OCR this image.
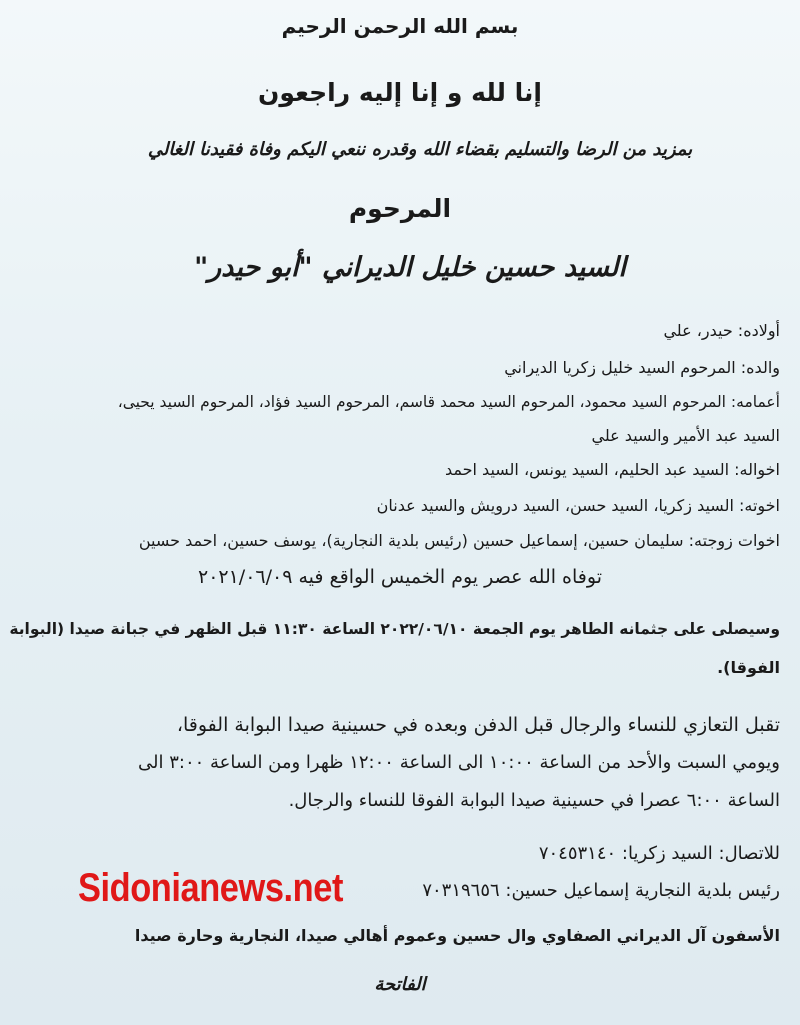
بسم الله الرحمن الرحيم
إنا لله و إنا إليه راجعون
بمزيد من الرضا والتسليم بقضاء الله وقدره ننعي اليكم وفاة فقيدنا الغالي
المرحوم
السيد حسين خليل الديراني "أبو حيدر"
أولاده: حيدر، علي
والده: المرحوم السيد خليل زكريا الديراني
أعمامه: المرحوم السيد محمود، المرحوم السيد محمد قاسم، المرحوم السيد فؤاد، المرحوم السيد يحيى،
السيد عبد الأمير والسيد علي
اخواله: السيد عبد الحليم، السيد يونس، السيد احمد
اخوته: السيد زكريا، السيد حسن، السيد درويش والسيد عدنان
اخوات زوجته: سليمان حسين، إسماعيل حسين (رئيس بلدية النجارية)، يوسف حسين، احمد حسين
توفاه الله عصر يوم الخميس الواقع فيه ٢٠٢١/٠٦/٠٩
وسيصلى على جثمانه الطاهر يوم الجمعة ٢٠٢٢/٠٦/١٠ الساعة ١١:٣٠ قبل الظهر في جبانة صيدا (البوابة
الفوقا).
تقبل التعازي للنساء والرجال قبل الدفن وبعده في حسينية صيدا البوابة الفوقا،
ويومي السبت والأحد من الساعة ١٠:٠٠ الى الساعة ١٢:٠٠ ظهرا ومن الساعة ٣:٠٠ الى
الساعة ٦:٠٠ عصرا في حسينية صيدا البوابة الفوقا للنساء والرجال.
للاتصال: السيد زكريا: ٧٠٤٥٣١٤٠
رئيس بلدية النجارية إسماعيل حسين: ٧٠٣١٩٦٥٦
Sidonianews.net
الأسفون آل الديراني الصفاوي وال حسين وعموم أهالي صيدا، النجارية وحارة صيدا
الفاتحة
